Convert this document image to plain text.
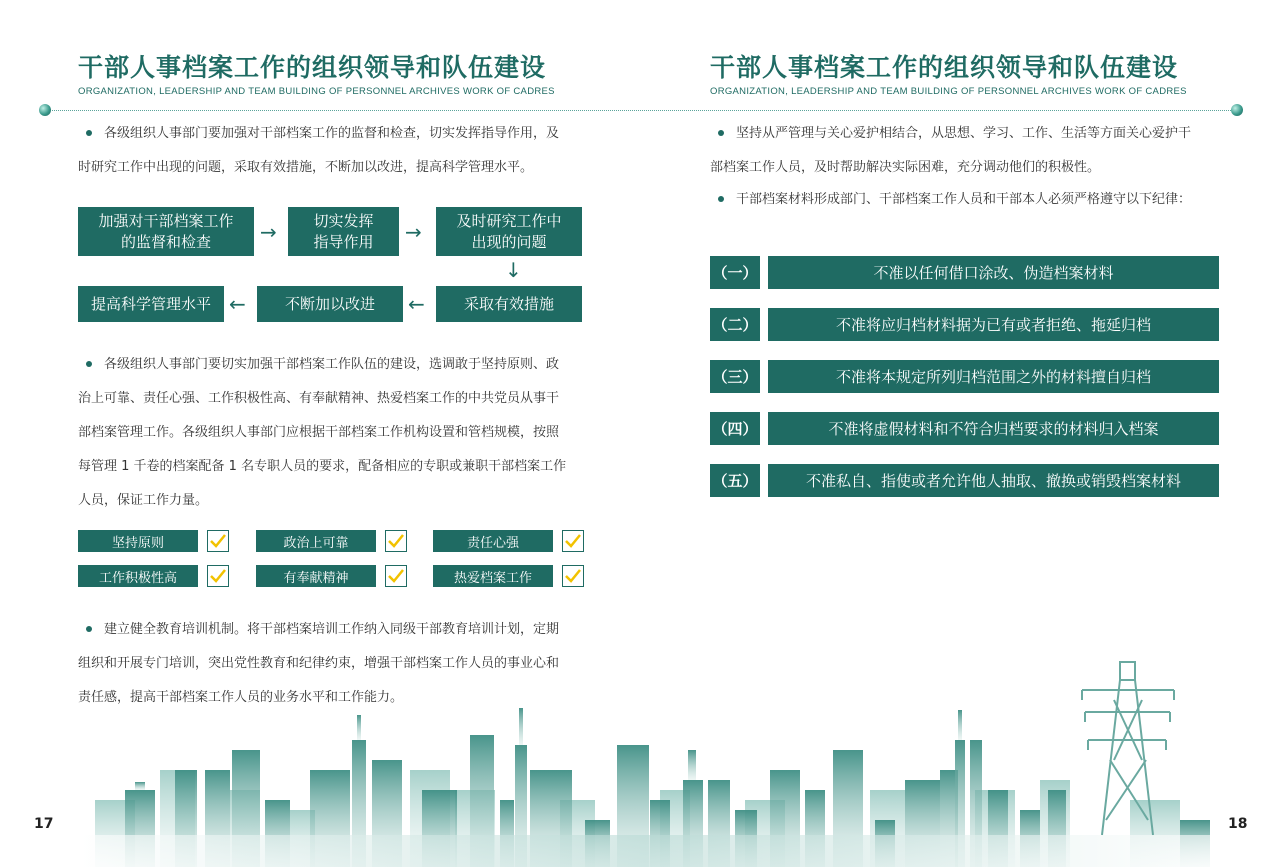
干部人事档案工作的组织领导和队伍建设
ORGANIZATION, LEADERSHIP AND TEAM BUILDING OF PERSONNEL ARCHIVES WORK OF CADRES
各级组织人事部门要加强对干部档案工作的监督和检查，切实发挥指导作用，及
时研究工作中出现的问题，采取有效措施，不断加以改进，提高科学管理水平。
加强对干部档案工作
的监督和检查	→ 切实发挥
指导作用 → 及时研究工作中
出现的问题
↓
采取有效措施
←
不断加以改进
←
提高科学管理水平
各级组织人事部门要切实加强干部档案工作队伍的建设，选调敢于坚持原则、政
治上可靠、责任心强、工作积极性高、有奉献精神、热爱档案工作的中共党员从事干
部档案管理工作。各级组织人事部门应根据干部档案工作机构设置和管档规模，按照
每管理 1 千卷的档案配备 1 名专职人员的要求，配备相应的专职或兼职干部档案工作
人员，保证工作力量。
坚持原则	政治上可靠	责任心强
工作积极性高	有奉献精神	热爱档案工作
建立健全教育培训机制。将干部档案培训工作纳入同级干部教育培训计划，定期
组织和开展专门培训，突出党性教育和纪律约束，增强干部档案工作人员的事业心和
责任感，提高干部档案工作人员的业务水平和工作能力。
17
干部人事档案工作的组织领导和队伍建设
ORGANIZATION, LEADERSHIP AND TEAM BUILDING OF PERSONNEL ARCHIVES WORK OF CADRES
坚持从严管理与关心爱护相结合，从思想、学习、工作、生活等方面关心爱护干
部档案工作人员，及时帮助解决实际困难，充分调动他们的积极性。
干部档案材料形成部门、干部档案工作人员和干部本人必须严格遵守以下纪律：
（一）	不准以任何借口涂改、伪造档案材料
（二）	不准将应归档材料据为已有或者拒绝、拖延归档
（三）	不准将本规定所列归档范围之外的材料擅自归档
（四）	不准将虚假材料和不符合归档要求的材料归入档案
（五）	不准私自、指使或者允许他人抽取、撤换或销毁档案材料
18
